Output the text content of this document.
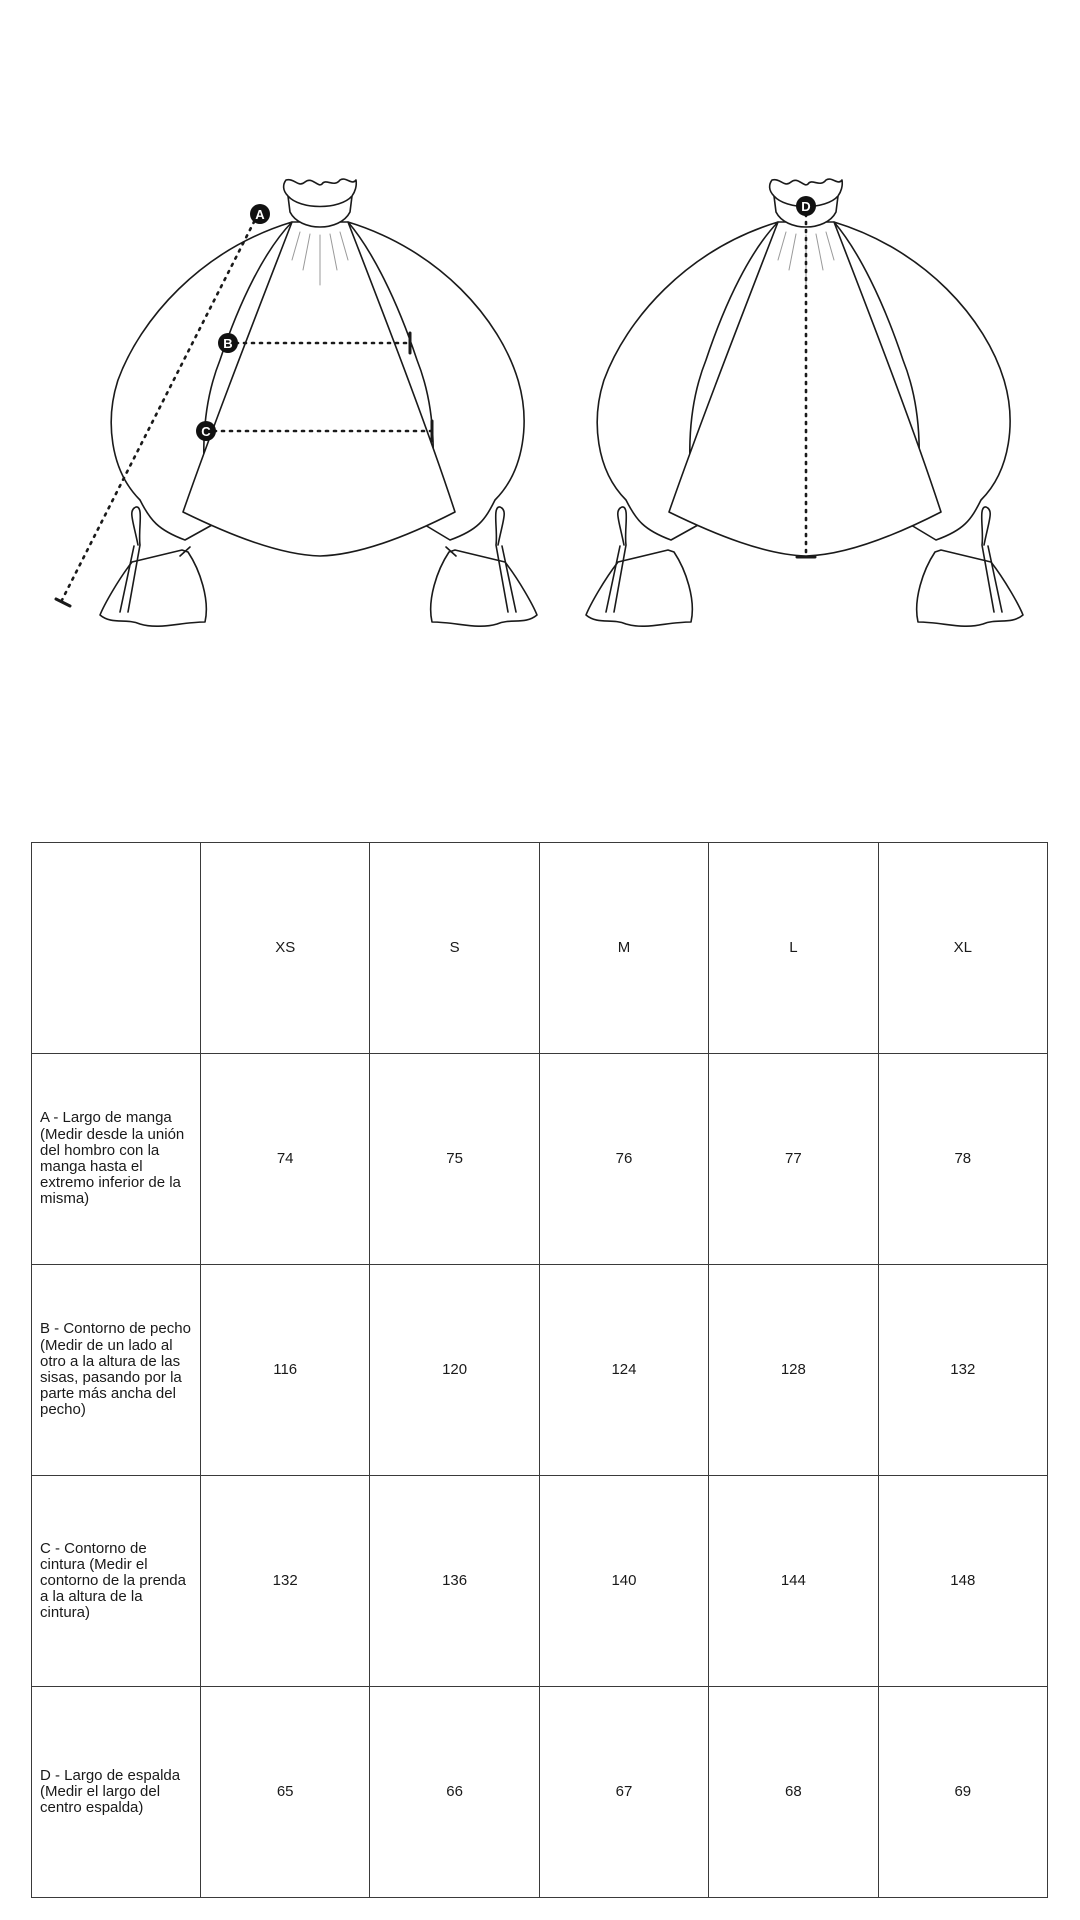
A
B
C
D
	XS	S	M	L	XL
A - Largo de manga (Medir desde la unión del hombro con la manga hasta el extremo inferior de la misma)	74	75	76	77	78
B - Contorno de pecho (Medir de un lado al otro a la altura de las sisas, pasando por la parte más ancha del pecho)	116	120	124	128	132
C - Contorno de cintura (Medir el contorno de la prenda a la altura de la cintura)	132	136	140	144	148
D - Largo de espalda (Medir el largo del centro espalda)	65	66	67	68	69
